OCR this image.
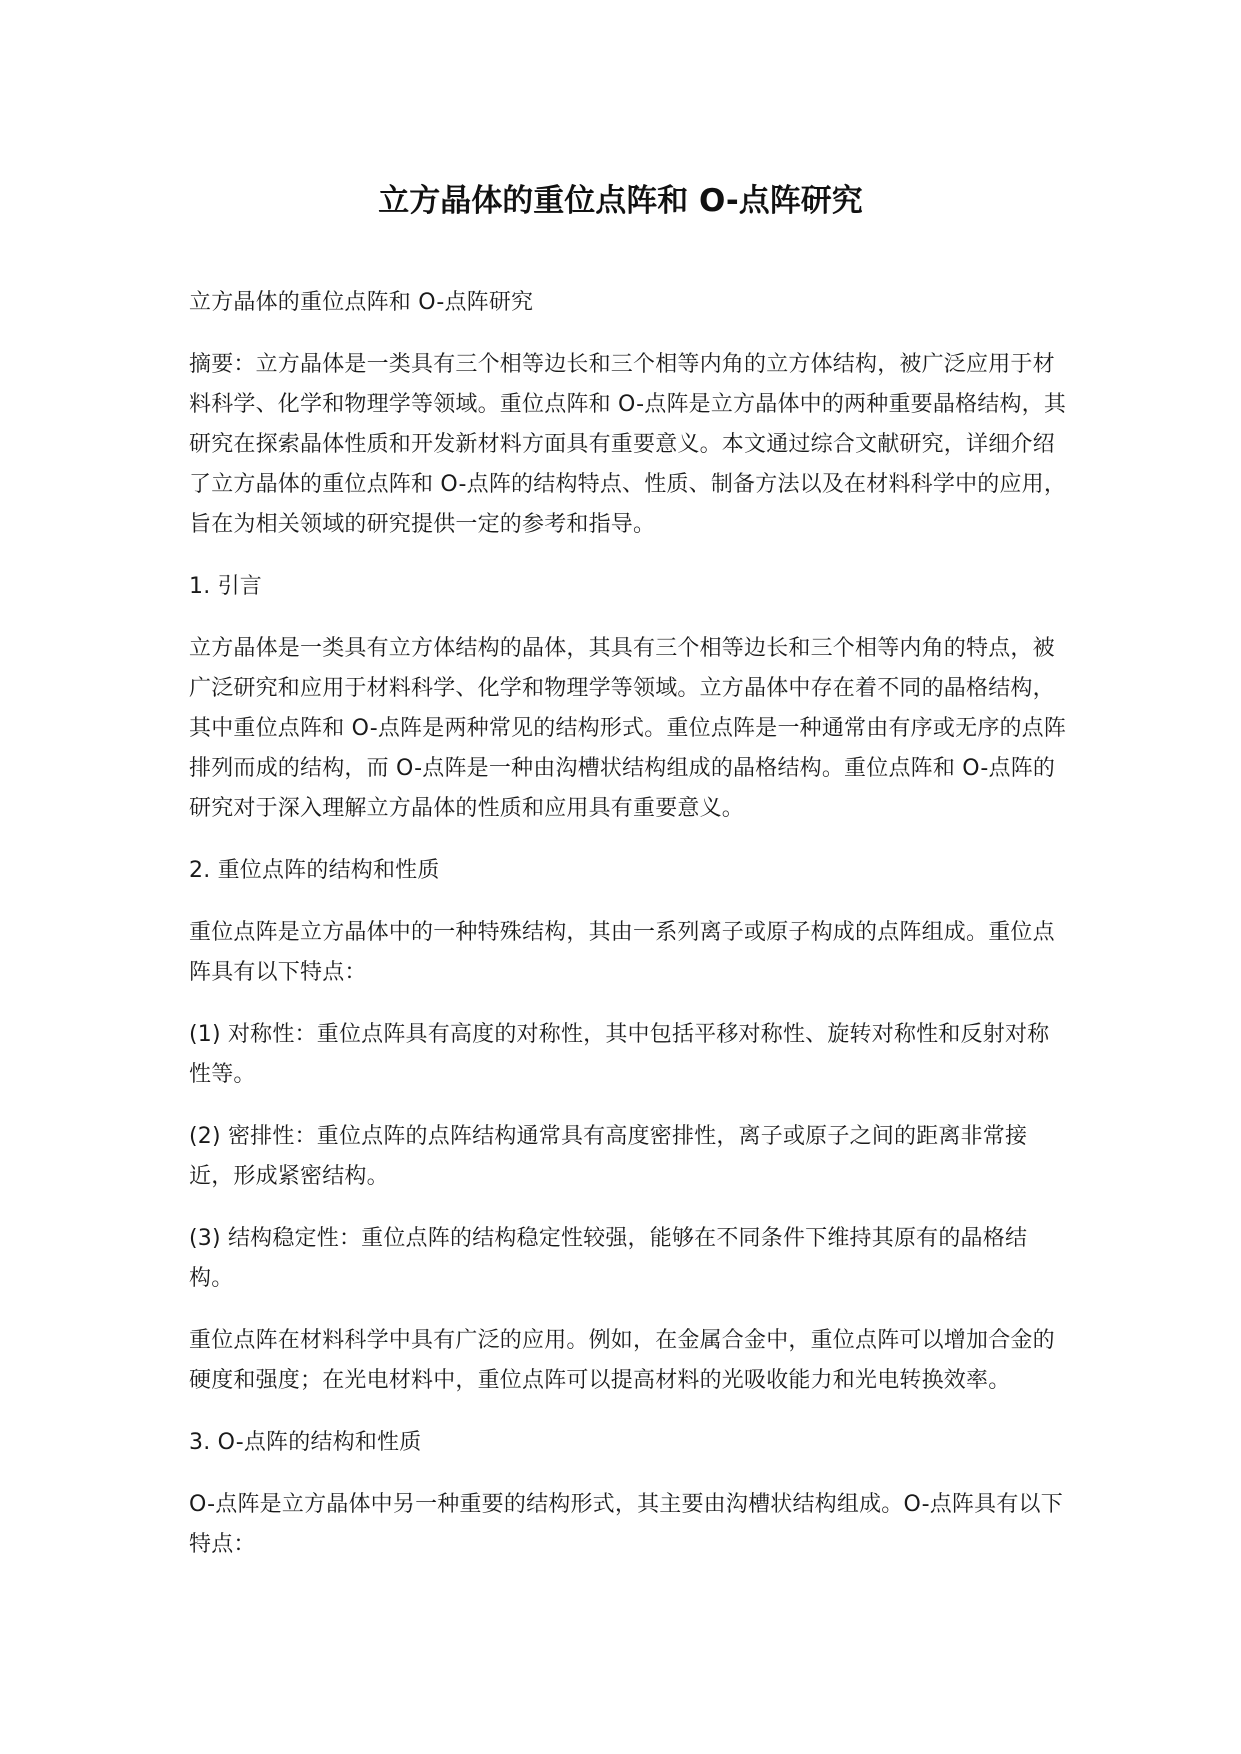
立方晶体的重位点阵和 O-点阵研究

立方晶体的重位点阵和 O-点阵研究

摘要：立方晶体是一类具有三个相等边长和三个相等内角的立方体结构，被广泛应用于材料科学、化学和物理学等领域。重位点阵和 O-点阵是立方晶体中的两种重要晶格结构，其研究在探索晶体性质和开发新材料方面具有重要意义。本文通过综合文献研究，详细介绍了立方晶体的重位点阵和 O-点阵的结构特点、性质、制备方法以及在材料科学中的应用，旨在为相关领域的研究提供一定的参考和指导。

1. 引言

立方晶体是一类具有立方体结构的晶体，其具有三个相等边长和三个相等内角的特点，被广泛研究和应用于材料科学、化学和物理学等领域。立方晶体中存在着不同的晶格结构，其中重位点阵和 O-点阵是两种常见的结构形式。重位点阵是一种通常由有序或无序的点阵排列而成的结构，而 O-点阵是一种由沟槽状结构组成的晶格结构。重位点阵和 O-点阵的研究对于深入理解立方晶体的性质和应用具有重要意义。

2. 重位点阵的结构和性质

重位点阵是立方晶体中的一种特殊结构，其由一系列离子或原子构成的点阵组成。重位点阵具有以下特点：

(1) 对称性：重位点阵具有高度的对称性，其中包括平移对称性、旋转对称性和反射对称性等。

(2) 密排性：重位点阵的点阵结构通常具有高度密排性，离子或原子之间的距离非常接近，形成紧密结构。

(3) 结构稳定性：重位点阵的结构稳定性较强，能够在不同条件下维持其原有的晶格结构。

重位点阵在材料科学中具有广泛的应用。例如，在金属合金中，重位点阵可以增加合金的硬度和强度；在光电材料中，重位点阵可以提高材料的光吸收能力和光电转换效率。

3. O-点阵的结构和性质

O-点阵是立方晶体中另一种重要的结构形式，其主要由沟槽状结构组成。O-点阵具有以下特点：
